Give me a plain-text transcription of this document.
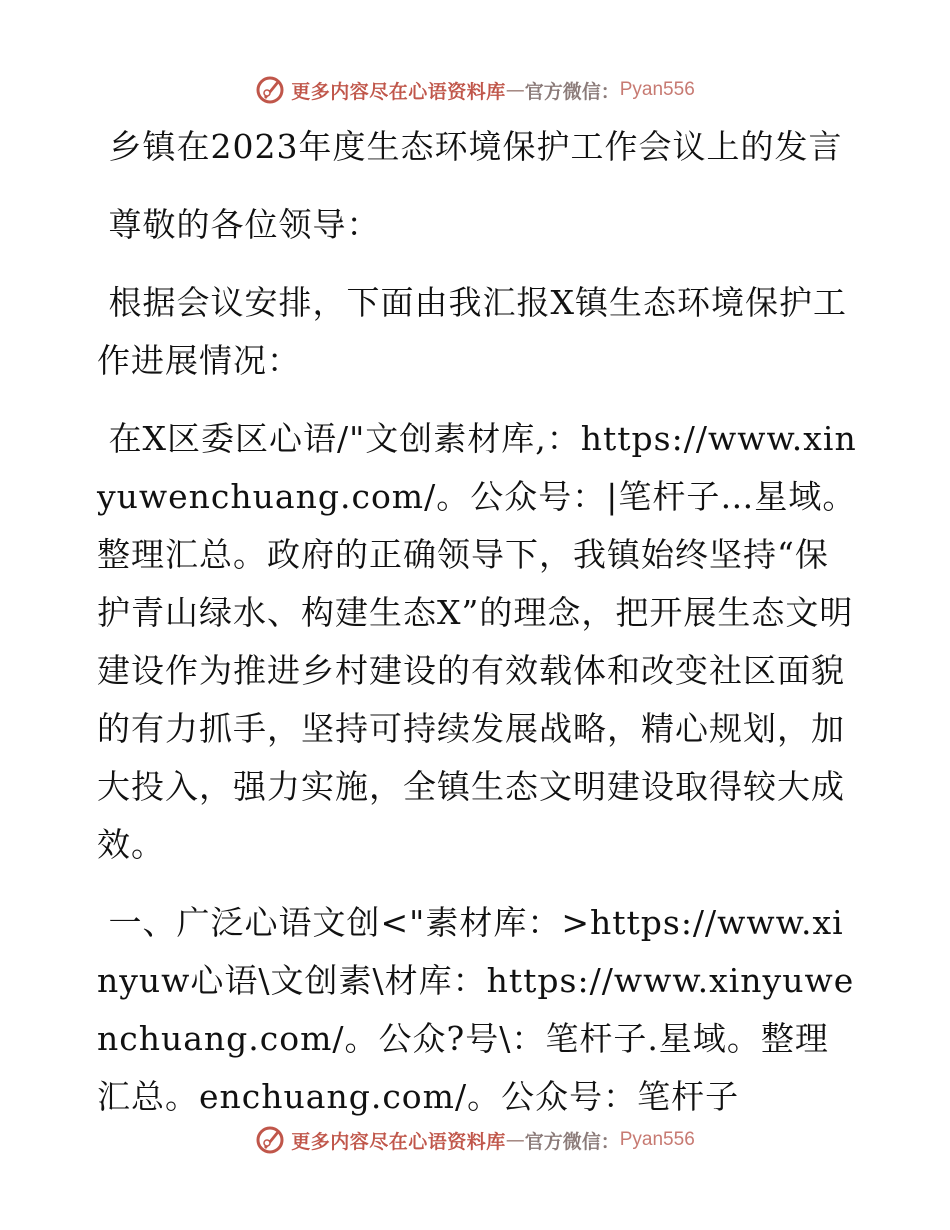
更多内容尽在心语资料库 — 官方微信： Pyan556

乡镇在2023年度生态环境保护工作会议上的发言

尊敬的各位领导：

根据会议安排，下面由我汇报X镇生态环境保护工作进展情况：

在X区委区心语/"文创素材库,：https://www.xinyuwenchuang.com/。公众号：|笔杆子…星域。整理汇总。政府的正确领导下，我镇始终坚持“保护青山绿水、构建生态X”的理念，把开展生态文明建设作为推进乡村建设的有效载体和改变社区面貌的有力抓手，坚持可持续发展战略，精心规划，加大投入，强力实施，全镇生态文明建设取得较大成效。

一、广泛心语文创<"素材库：>https://www.xinyuw心语\文创素\材库：https://www.xinyuwenchuang.com/。公众?号\：笔杆子.星域。整理汇总。enchuang.com/。公众号：笔杆子

更多内容尽在心语资料库 — 官方微信： Pyan556
